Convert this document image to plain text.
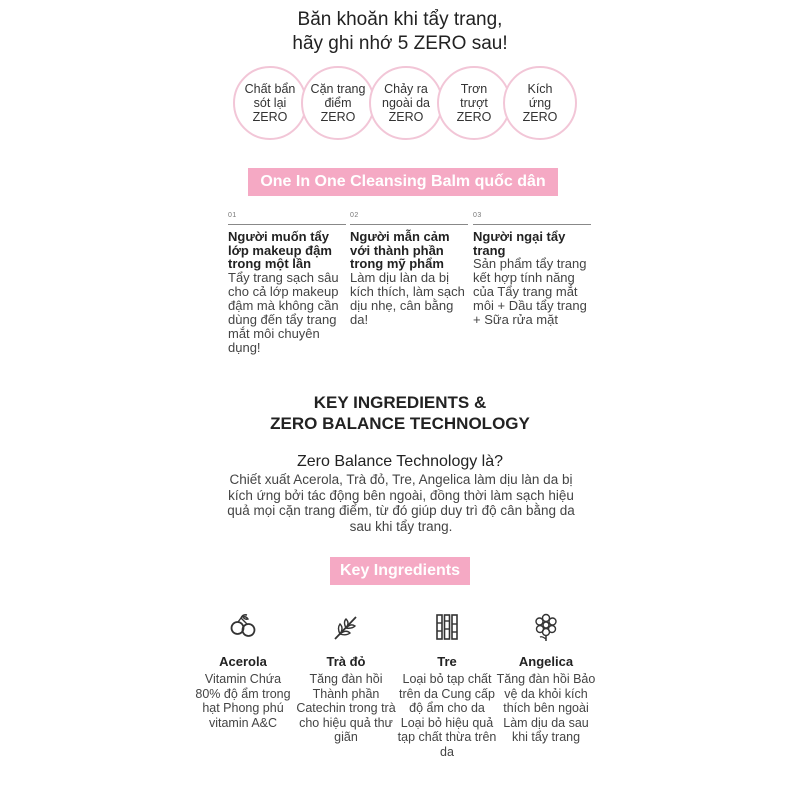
Băn khoăn khi tẩy trang,
hãy ghi nhớ 5 ZERO sau!
Chất bẩn
sót lại
ZERO
Cặn trang
điểm
ZERO
Chảy ra
ngoài da
ZERO
Trơn
trượt
ZERO
Kích
ứng
ZERO
One In One Cleansing Balm quốc dân
01
Người muốn tẩy lớp makeup đậm trong một lần
Tẩy trang sạch sâu cho cả lớp makeup đậm mà không cần dùng đến tẩy trang mắt môi chuyên dụng!
02
Người mẫn cảm với thành phần trong mỹ phẩm
Làm dịu làn da bị kích thích, làm sạch dịu nhẹ, cân bằng da!
03
Người ngại tẩy trang
Sản phẩm tẩy trang kết hợp tính năng của Tẩy trang mắt môi + Dầu tẩy trang + Sữa rửa mặt
KEY INGREDIENTS &
ZERO BALANCE TECHNOLOGY
Zero Balance Technology là?
Chiết xuất Acerola, Trà đỏ, Tre, Angelica làm dịu làn da bị kích ứng bởi tác động bên ngoài, đồng thời làm sạch hiệu quả mọi cặn trang điểm, từ đó giúp duy trì độ cân bằng da sau khi tẩy trang.
Key Ingredients
Acerola
Vitamin Chứa 80% độ ẩm trong hạt Phong phú vitamin A&C
Trà đỏ
Tăng đàn hồi Thành phần Catechin trong trà cho hiệu quả thư giãn
Tre
Loại bỏ tạp chất trên da Cung cấp độ ẩm cho da Loại bỏ hiệu quả tạp chất thừa trên da
Angelica
Tăng đàn hồi Bảo vệ da khỏi kích thích bên ngoài Làm dịu da sau khi tẩy trang
